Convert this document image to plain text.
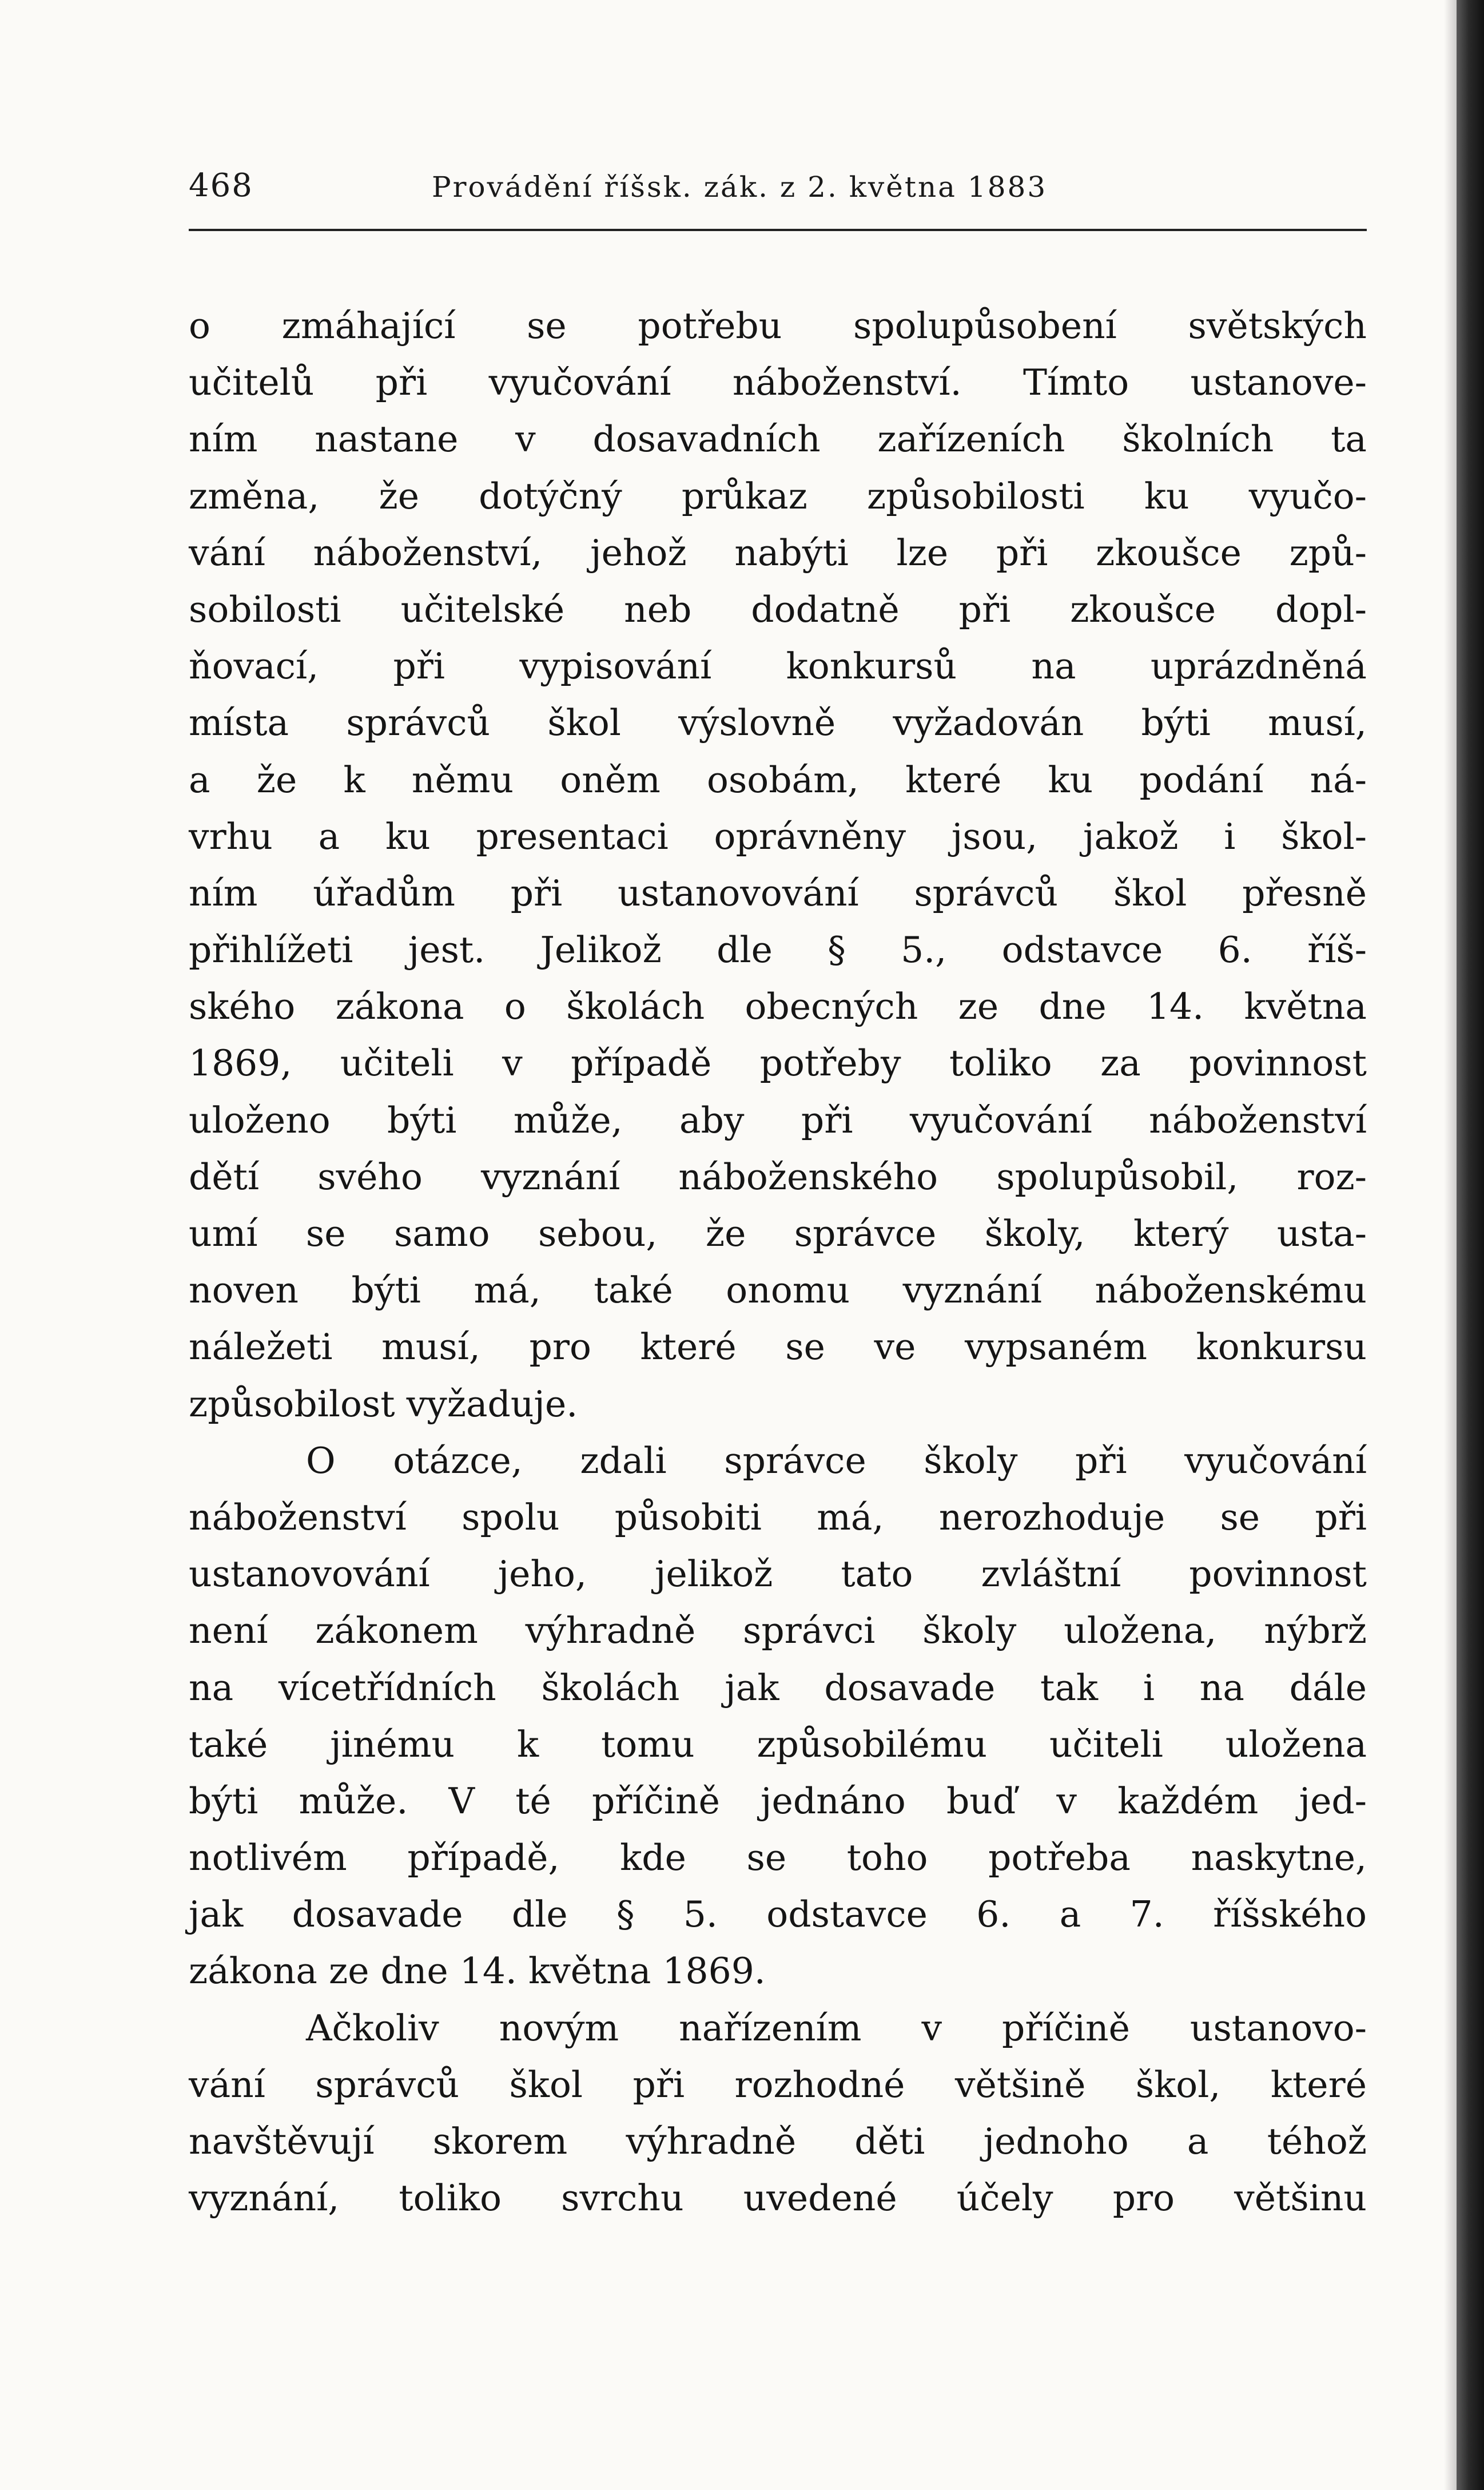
468	Provádění říšsk. zák. z 2. května 1883
o zmáhající se potřebu spolupůsobení světských
učitelů při vyučování náboženství. Tímto ustanove-
ním nastane v dosavadních zařízeních školních ta
změna, že dotýčný průkaz způsobilosti ku vyučo-
vání náboženství, jehož nabýti lze při zkoušce způ-
sobilosti učitelské neb dodatně při zkoušce dopl-
ňovací, při vypisování konkursů na uprázdněná
místa správců škol výslovně vyžadován býti musí,
a že k němu oněm osobám, které ku podání ná-
vrhu a ku presentaci oprávněny jsou, jakož i škol-
ním úřadům při ustanovování správců škol přesně
přihlížeti jest. Jelikož dle § 5., odstavce 6. říš-
ského zákona o školách obecných ze dne 14. května
1869, učiteli v případě potřeby toliko za povinnost
uloženo býti může, aby při vyučování náboženství
dětí svého vyznání náboženského spolupůsobil, roz-
umí se samo sebou, že správce školy, který usta-
noven býti má, také onomu vyznání náboženskému
náležeti musí, pro které se ve vypsaném konkursu
způsobilost vyžaduje.
O otázce, zdali správce školy při vyučování
náboženství spolu působiti má, nerozhoduje se při
ustanovování jeho, jelikož tato zvláštní povinnost
není zákonem výhradně správci školy uložena, nýbrž
na vícetřídních školách jak dosavade tak i na dále
také jinému k tomu způsobilému učiteli uložena
býti může. V té příčině jednáno buď v každém jed-
notlivém případě, kde se toho potřeba naskytne,
jak dosavade dle § 5. odstavce 6. a 7. říšského
zákona ze dne 14. května 1869.
Ačkoliv novým nařízením v příčině ustanovo-
vání správců škol při rozhodné většině škol, které
navštěvují skorem výhradně děti jednoho a téhož
vyznání, toliko svrchu uvedené účely pro většinu
